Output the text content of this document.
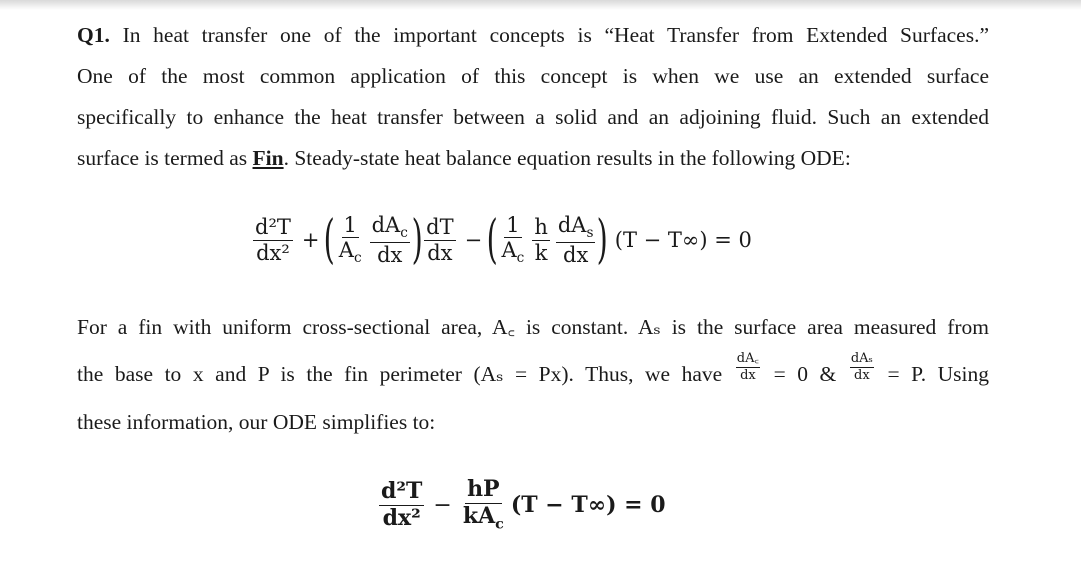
Q1. In heat transfer one of the important concepts is “Heat Transfer from Extended Surfaces.”
One of the most common application of this concept is when we use an extended surface
specifically to enhance the heat transfer between a solid and an adjoining fluid. Such an extended
surface is termed as Fin. Steady-state heat balance equation results in the following ODE:
$\frac{\text{d²T}}{\text{dx²}}$ + ( $\frac{1}{A_c} \frac{dA_c}{dx}$ ) $\frac{dT}{dx}$ − ( $\frac{1}{A_c} \frac{h}{k} \frac{dA_s}{dx}$ ) (T − T∞) = 0
For a fin with uniform cross-sectional area, A꜀ is constant. Aₛ is the surface area measured from
the base to x and P is the fin perimeter (Aₛ = Px). Thus, we have $\frac{dA꜀}{dx} = 0$ & $\frac{\text{dAₛ}}{dx} = P$. Using
these information, our ODE simplifies to:
$\frac{\text{d²T}}{\text{dx²}} - \frac{hP}{kA_c} (T - T\infty) = 0$
